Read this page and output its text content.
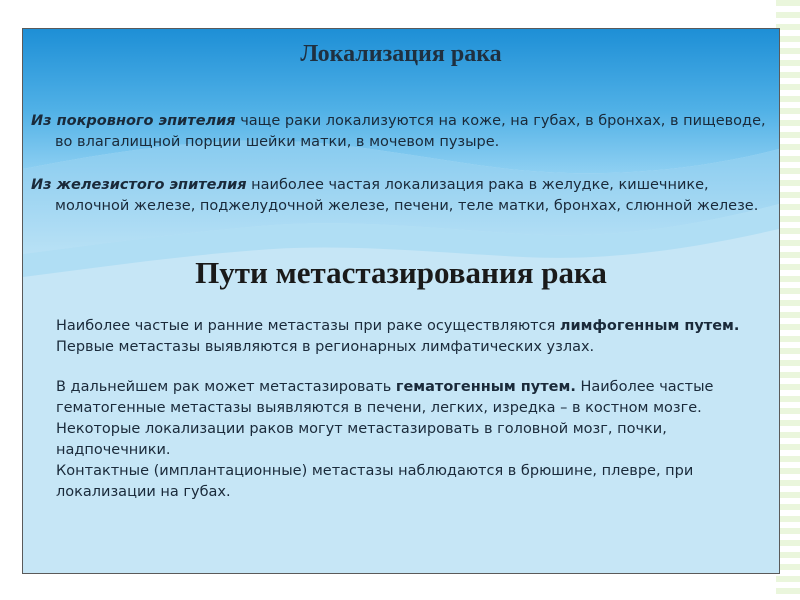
Локализация рака
Из покровного эпителия чаще раки локализуются на коже, на губах, в бронхах, в пищеводе, во влагалищной порции шейки матки, в мочевом пузыре.
Из железистого эпителия наиболее частая локализация рака в желудке, кишечнике, молочной железе, поджелудочной железе, печени, теле матки, бронхах, слюнной железе.
Пути метастазирования рака
Наиболее частые и ранние метастазы при раке осуществляются лимфогенным путем. Первые метастазы выявляются в регионарных лимфатических узлах.
В дальнейшем рак может метастазировать гематогенным путем. Наиболее частые гематогенные метастазы выявляются в печени, легких, изредка – в костном мозге. Некоторые локализации раков могут метастазировать в головной мозг, почки, надпочечники.
Контактные (имплантационные) метастазы наблюдаются в брюшине, плевре, при локализации на губах.
